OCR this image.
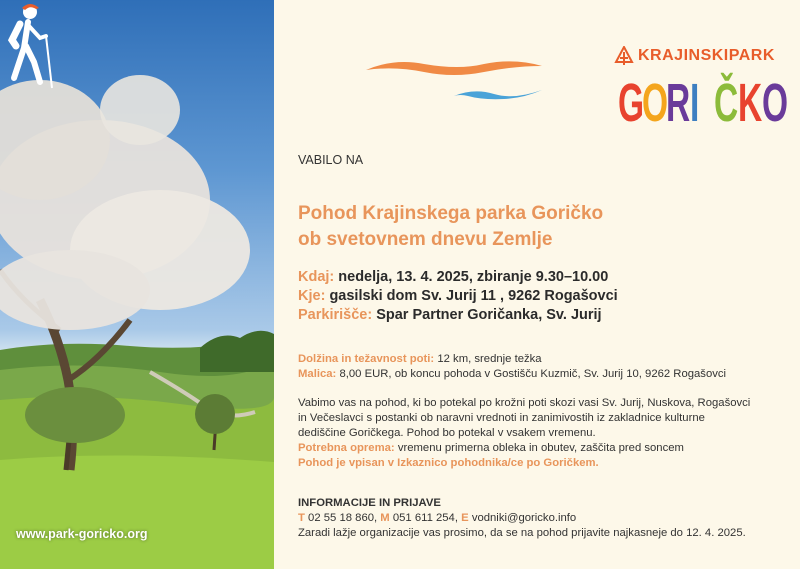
www.park-goricko.org
KRAJINSKIPARK
G
O
R I Č K O
VABILO NA
Pohod Krajinskega parka Goričko
ob svetovnem dnevu Zemlje
Kdaj: nedelja, 13. 4. 2025, zbiranje 9.30–10.00
Kje: gasilski dom Sv. Jurij 11 , 9262 Rogašovci
Parkirišče: Spar Partner Goričanka, Sv. Jurij
Dolžina in težavnost poti: 12 km, srednje težka
Malica: 8,00 EUR, ob koncu pohoda v Gostišču Kuzmič, Sv. Jurij 10, 9262 Rogašovci
Vabimo vas na pohod, ki bo potekal po krožni poti skozi vasi Sv. Jurij, Nuskova, Rogašovci
in Večeslavci s postanki ob naravni vrednoti in zanimivostih iz zakladnice kulturne
dediščine Goričkega. Pohod bo potekal v vsakem vremenu.
Potrebna oprema: vremenu primerna obleka in obutev, zaščita pred soncem
Pohod je vpisan v Izkaznico pohodnika/ce po Goričkem.
INFORMACIJE IN PRIJAVE
T 02 55 18 860, M 051 611 254, E vodniki@goricko.info
Zaradi lažje organizacije vas prosimo, da se na pohod prijavite najkasneje do 12. 4. 2025.
